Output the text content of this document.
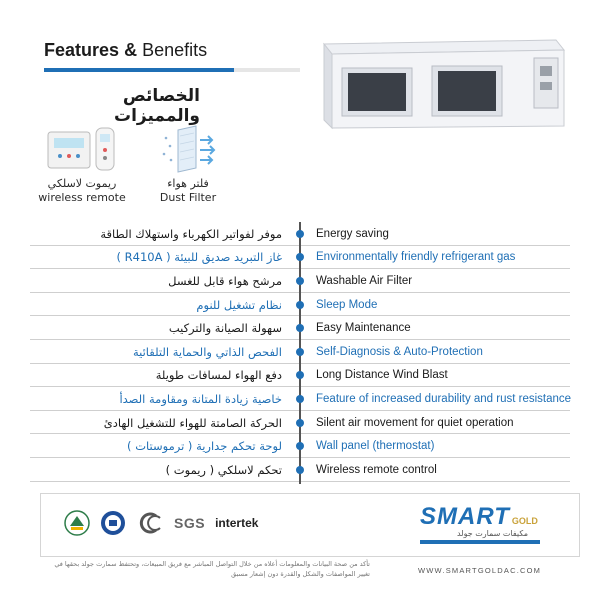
Features & Benefits
الخصائص والمميزات
ريموت لاسلكي
wireless remote
فلتر هواء
Dust Filter
موفر لفواتير الكهرباء واستهلاك الطاقة	Energy saving
غاز التبريد صديق للبيئة ( R410A )	Environmentally friendly refrigerant gas
مرشح هواء قابل للغسل	Washable Air Filter
نظام تشغيل للنوم	Sleep Mode
سهولة الصيانة والتركيب	Easy Maintenance
الفحص الذاتي والحماية التلقائية	Self-Diagnosis & Auto-Protection
دفع الهواء لمسافات طويلة	Long Distance Wind Blast
خاصية زيادة المتانة ومقاومة الصدأ	Feature of increased durability and rust resistance
الحركة الصامتة للهواء للتشغيل الهادئ	Silent air movement for quiet operation
لوحة تحكم جدارية ( ترموستات )	Wall panel (thermostat)
تحكم لاسلكي ( ريموت )	Wireless remote control
SGS intertek	SMART GOLD
مكيفات سمارت جولد
تأكد من صحة البيانات والمعلومات أعلاه من خلال التواصل المباشر مع فريق المبيعات، وتحتفظ سمارت جولد بحقها في تغيير المواصفات والشكل والقدرة دون إشعار مسبق	WWW.SMARTGOLDAC.COM
